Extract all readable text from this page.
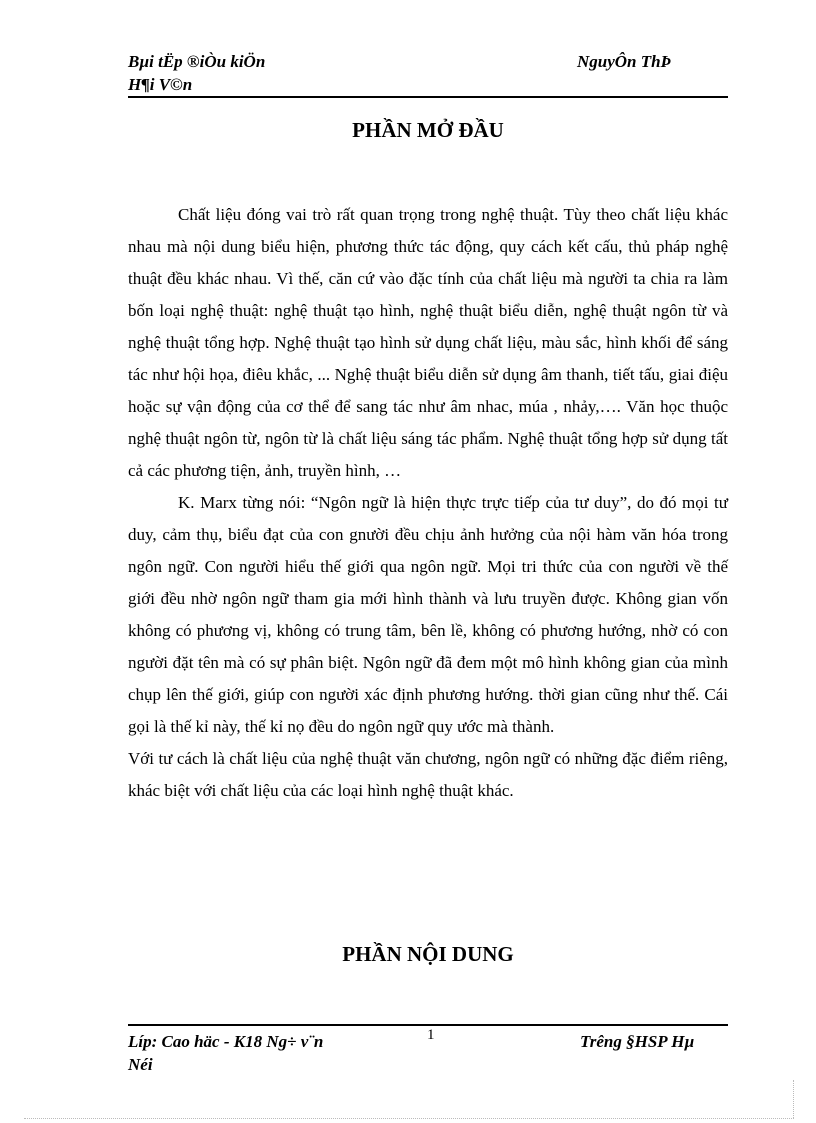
Bµi tËp ®iÒu kiÖn
H¶i V©n
NguyÔn ThÞ
PHẦN MỞ ĐẦU

Chất liệu đóng vai trò rất quan trọng trong nghệ thuật. Tùy theo chất liệu khác nhau mà nội dung biểu hiện, phương thức tác động, quy cách kết cấu, thủ pháp nghệ thuật đều khác nhau. Vì thế, căn cứ vào đặc tính của chất liệu mà người ta chia ra làm bốn loại nghệ thuật: nghệ thuật tạo hình, nghệ thuật biểu diễn, nghệ thuật ngôn từ và nghệ thuật tổng hợp. Nghệ thuật tạo hình sử dụng chất liệu, màu sắc, hình khối để sáng tác như hội họa, điêu khắc, ... Nghệ thuật biểu diễn sử dụng âm thanh, tiết tấu, giai điệu hoặc sự vận động của cơ thể để sang tác như âm nhac, múa , nhảy,…. Văn học thuộc nghệ thuật ngôn từ, ngôn từ là chất liệu sáng tác phẩm. Nghệ thuật tổng hợp sử dụng tất cả các phương tiện, ảnh, truyền hình, …

K. Marx từng nói: “Ngôn ngữ là hiện thực trực tiếp của tư duy”, do đó mọi tư duy, cảm thụ, biểu đạt của con gnười đều chịu ảnh hưởng của nội hàm văn hóa trong ngôn ngữ. Con người hiểu thế giới qua ngôn ngữ. Mọi tri thức của con người về thế giới đều nhờ ngôn ngữ tham gia mới hình thành và lưu truyền được. Không gian vốn không có phương vị, không có trung tâm, bên lề, không có phương hướng, nhờ có con người đặt tên mà có sự phân biệt. Ngôn ngữ đã đem một mô hình không gian của mình chụp lên thế giới, giúp con người xác định phương hướng. thời gian cũng như thế. Cái gọi là thế kỉ này, thế kỉ nọ đều do ngôn ngữ quy ước mà thành.

Với tư cách là chất liệu của nghệ thuật văn chương, ngôn ngữ có những đặc điểm riêng, khác biệt với chất liệu của các loại hình nghệ thuật khác.

PHẦN NỘI DUNG
Líp: Cao häc - K18 Ng÷ v¨n
Néi
1	Trêng §HSP Hµ
